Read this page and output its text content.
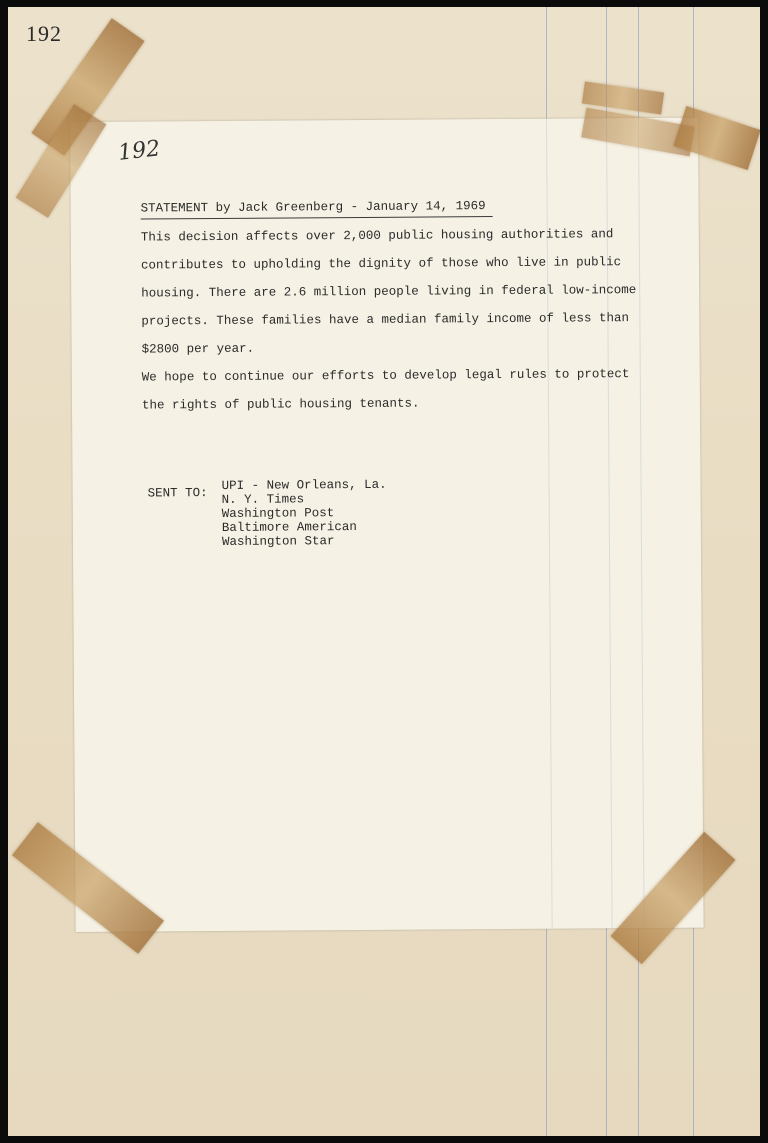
192
192
STATEMENT by Jack Greenberg - January 14, 1969
This decision affects over 2,000 public housing authorities and
contributes to upholding the dignity of those who live in public
housing. There are 2.6 million people living in federal low-income
projects. These families have a median family income of less than
$2800 per year.
We hope to continue our efforts to develop legal rules to protect
the rights of public housing tenants.
SENT TO:
UPI - New Orleans, La.
N. Y. Times
Washington Post
Baltimore American
Washington Star
